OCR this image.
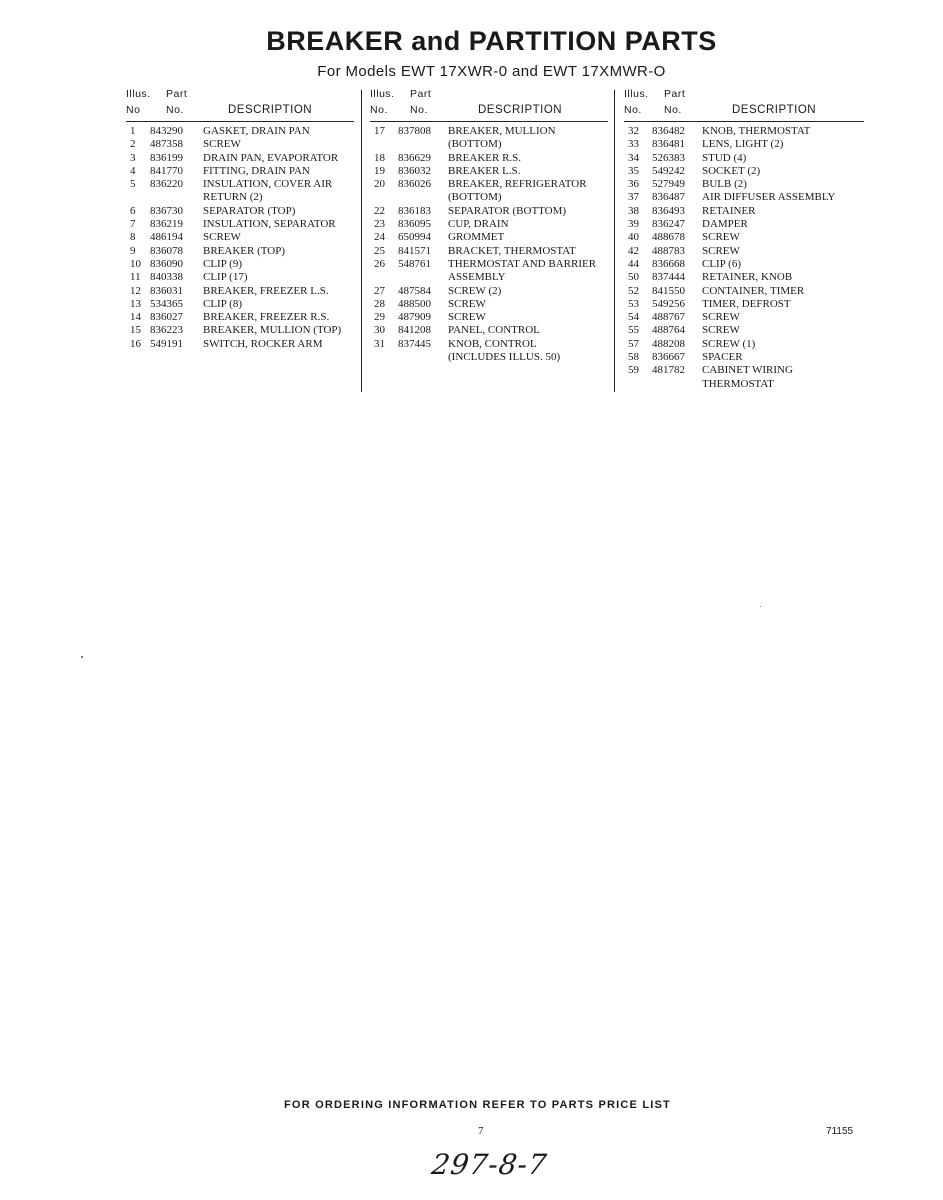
BREAKER and PARTITION PARTS
For Models EWT 17XWR-0 and EWT 17XMWR-O
Illus. Part
No No.	DESCRIPTION
1	843290	GASKET, DRAIN PAN
2	487358	SCREW
3	836199	DRAIN PAN, EVAPORATOR
4	841770	FITTING, DRAIN PAN
5	836220	INSULATION, COVER AIR
RETURN (2)
6	836730	SEPARATOR (TOP)
7	836219	INSULATION, SEPARATOR
8	486194	SCREW
9	836078	BREAKER (TOP)
10 836090	CLIP (9)
11 840338	CLIP (17)
12 836031	BREAKER, FREEZER L.S.
13 534365	CLIP (8)
14 836027	BREAKER, FREEZER R.S.
15 836223	BREAKER, MULLION (TOP)
16 549191	SWITCH, ROCKER ARM
Illus. Part
No. No.	DESCRIPTION
17	837808	BREAKER, MULLION
(BOTTOM)
18	836629	BREAKER R.S.
19	836032	BREAKER L.S.
20	836026	BREAKER, REFRIGERATOR
(BOTTOM)
22	836183	SEPARATOR (BOTTOM)
23	836095	CUP, DRAIN
24	650994	GROMMET
25	841571	BRACKET, THERMOSTAT
26	548761	THERMOSTAT AND BARRIER
ASSEMBLY
27	487584	SCREW (2)
28	488500	SCREW
29	487909	SCREW
30	841208	PANEL, CONTROL
31	837445	KNOB, CONTROL
(INCLUDES ILLUS. 50)
Illus. Part
No. No.	DESCRIPTION
32	836482	KNOB, THERMOSTAT
33	836481	LENS, LIGHT (2)
34	526383	STUD (4)
35	549242	SOCKET (2)
36	527949	BULB (2)
37	836487	AIR DIFFUSER ASSEMBLY
38	836493	RETAINER
39	836247	DAMPER
40	488678	SCREW
42	488783	SCREW
44	836668	CLIP (6)
50	837444	RETAINER, KNOB
52	841550	CONTAINER, TIMER
53	549256	TIMER, DEFROST
54	488767	SCREW
55	488764	SCREW
57	488208	SCREW (1)
58	836667	SPACER
59	481782	CABINET WIRING
THERMOSTAT
FOR ORDERING INFORMATION REFER TO PARTS PRICE LIST
7	71155
297-8-7
